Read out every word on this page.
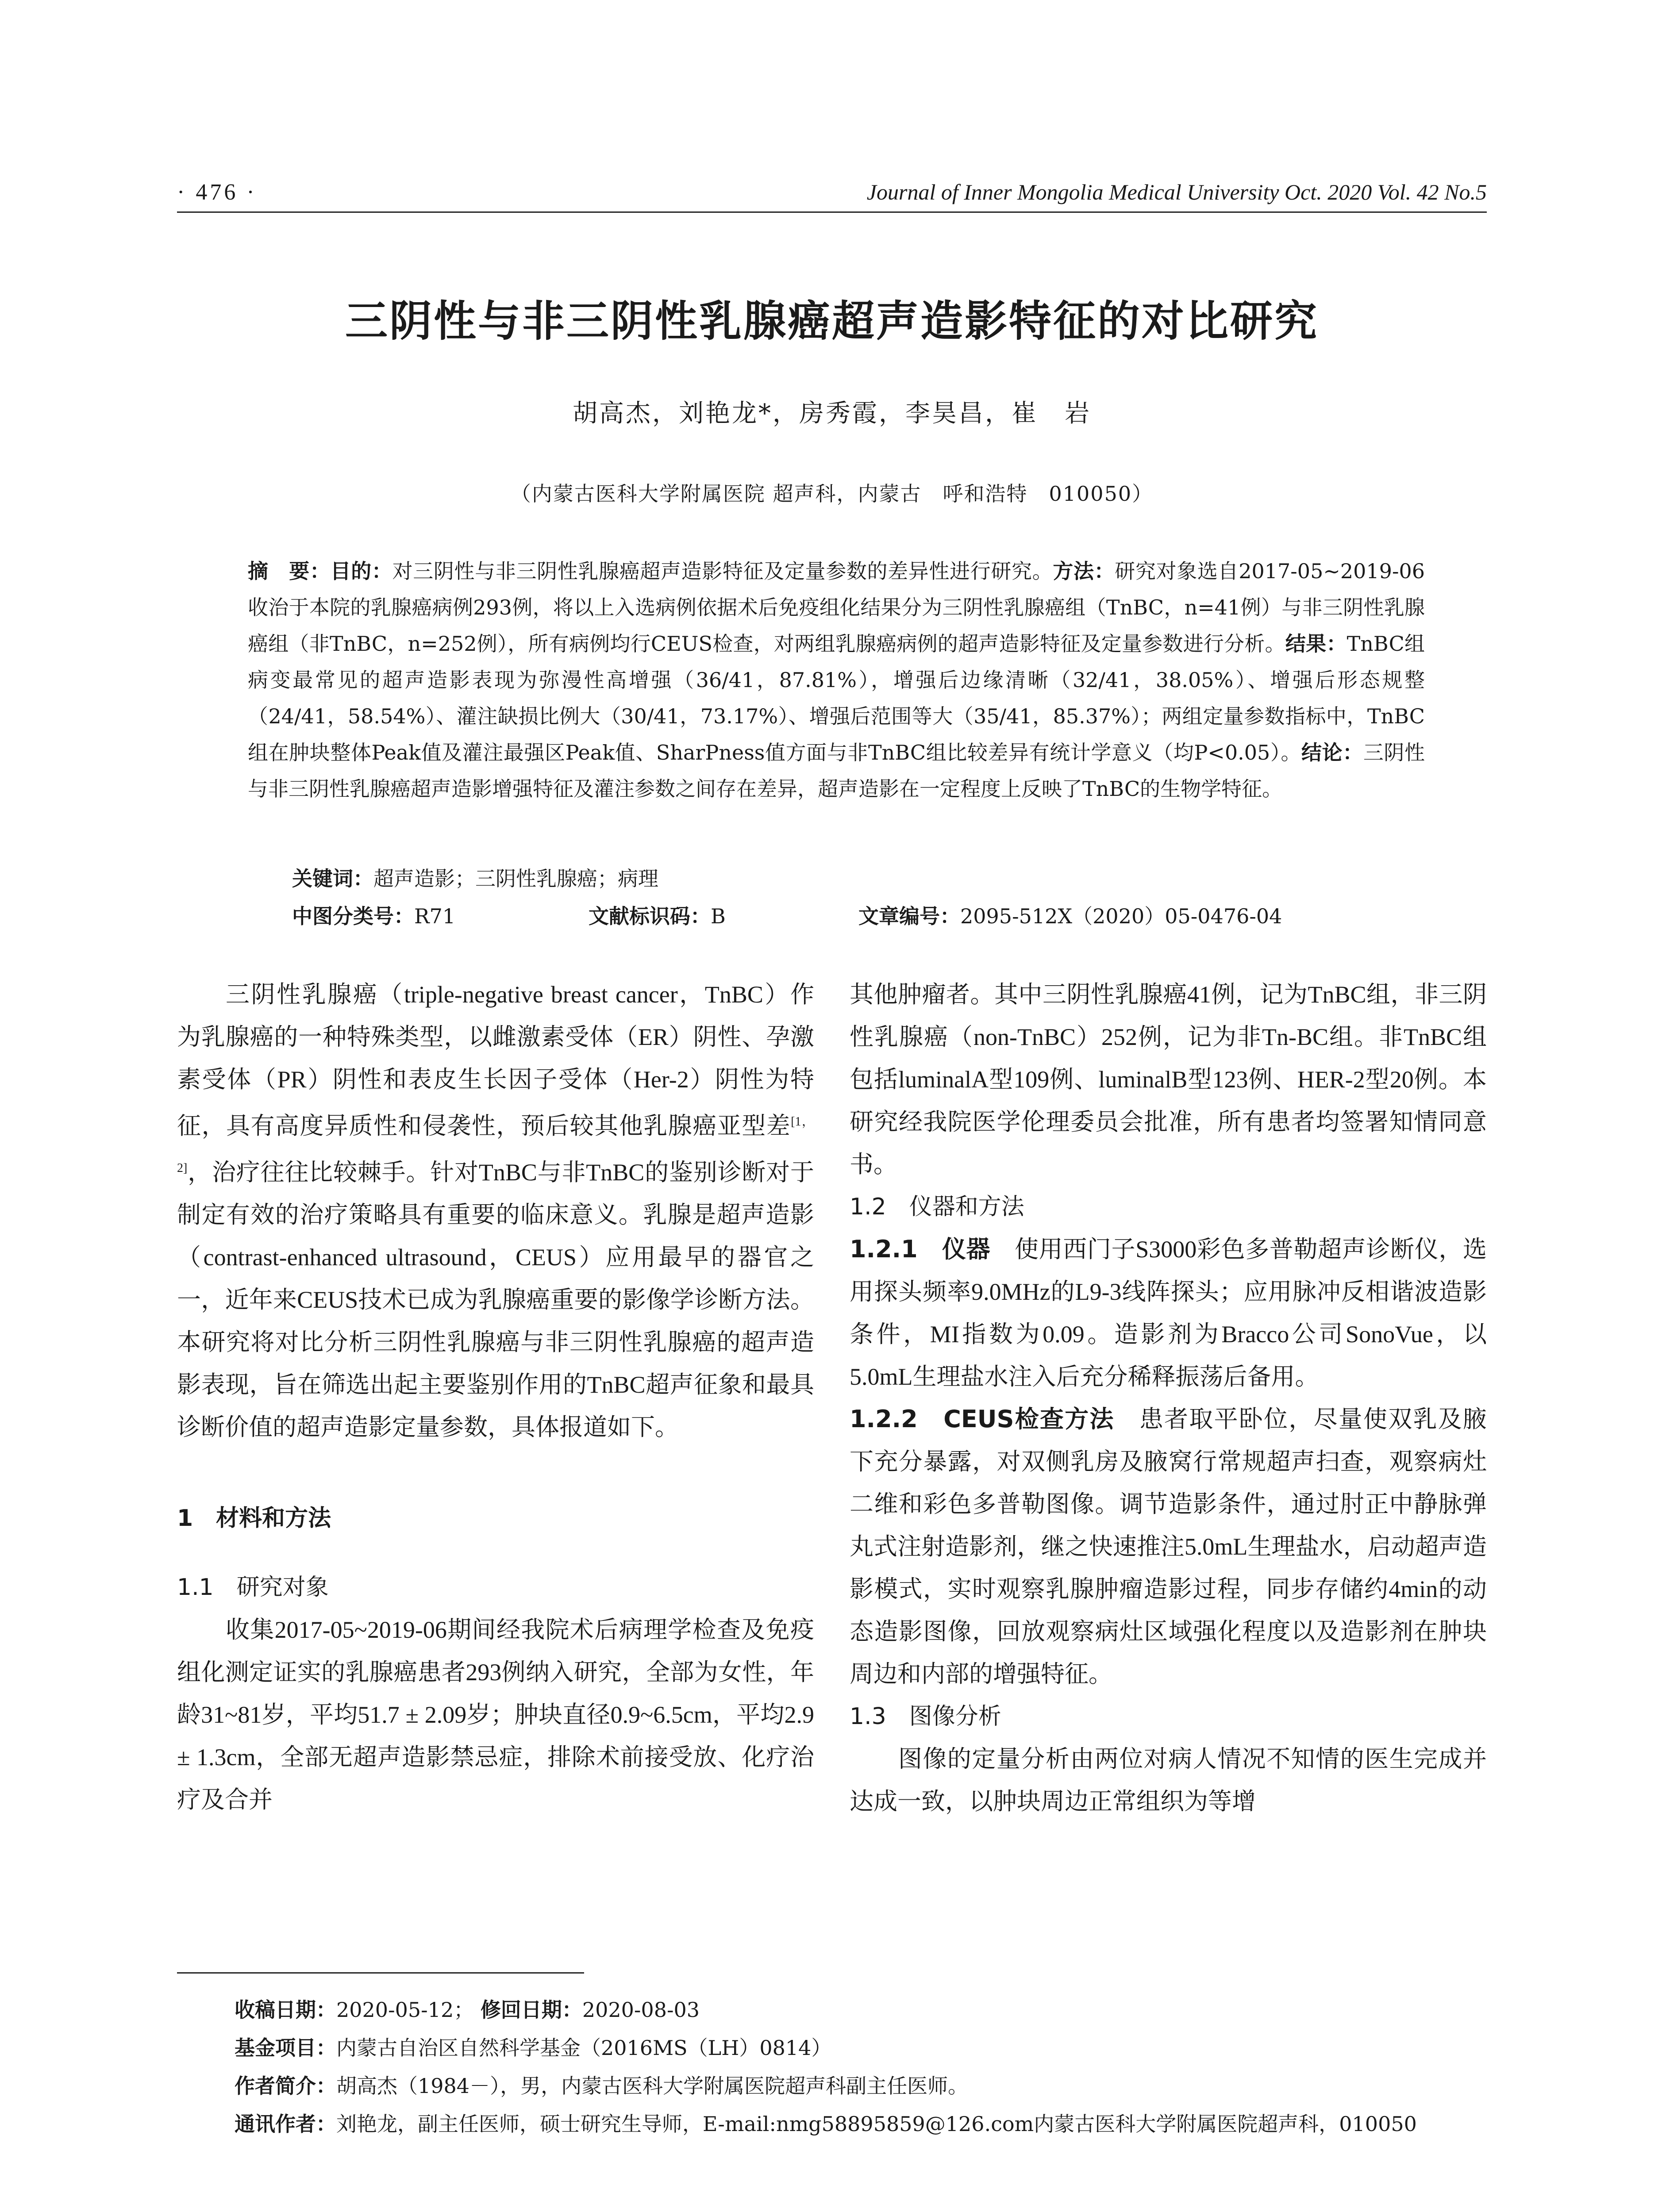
· 476 ·	Journal of Inner Mongolia Medical University Oct. 2020 Vol. 42 No.5
三阴性与非三阴性乳腺癌超声造影特征的对比研究
胡高杰，刘艳龙*，房秀霞，李昊昌，崔　岩
（内蒙古医科大学附属医院 超声科，内蒙古　呼和浩特　010050）
摘　要：目的：对三阴性与非三阴性乳腺癌超声造影特征及定量参数的差异性进行研究。方法：研究对象选自2017-05~2019-06收治于本院的乳腺癌病例293例，将以上入选病例依据术后免疫组化结果分为三阴性乳腺癌组（TnBC，n=41例）与非三阴性乳腺癌组（非TnBC，n=252例），所有病例均行CEUS检查，对两组乳腺癌病例的超声造影特征及定量参数进行分析。结果：TnBC组病变最常见的超声造影表现为弥漫性高增强（36/41，87.81%），增强后边缘清晰（32/41，38.05%）、增强后形态规整（24/41，58.54%）、灌注缺损比例大（30/41，73.17%）、增强后范围等大（35/41，85.37%）；两组定量参数指标中，TnBC组在肿块整体Peak值及灌注最强区Peak值、SharPness值方面与非TnBC组比较差异有统计学意义（均P<0.05）。结论：三阴性与非三阴性乳腺癌超声造影增强特征及灌注参数之间存在差异，超声造影在一定程度上反映了TnBC的生物学特征。
关键词：超声造影；三阴性乳腺癌；病理
中图分类号：R71	文献标识码：B	文章编号：2095-512X（2020）05-0476-04

三阴性乳腺癌（triple-negative breast cancer，TnBC）作为乳腺癌的一种特殊类型，以雌激素受体（ER）阴性、孕激素受体（PR）阴性和表皮生长因子受体（Her-2）阴性为特征，具有高度异质性和侵袭性，预后较其他乳腺癌亚型差[1，2]，治疗往往比较棘手。针对TnBC与非TnBC的鉴别诊断对于制定有效的治疗策略具有重要的临床意义。乳腺是超声造影（contrast-enhanced ultrasound，CEUS）应用最早的器官之一，近年来CEUS技术已成为乳腺癌重要的影像学诊断方法。本研究将对比分析三阴性乳腺癌与非三阴性乳腺癌的超声造影表现，旨在筛选出起主要鉴别作用的TnBC超声征象和最具诊断价值的超声造影定量参数，具体报道如下。

1　材料和方法

1.1　研究对象

收集2017-05~2019-06期间经我院术后病理学检查及免疫组化测定证实的乳腺癌患者293例纳入研究，全部为女性，年龄31~81岁，平均51.7 ± 2.09岁；肿块直径0.9~6.5cm，平均2.9 ± 1.3cm，全部无超声造影禁忌症，排除术前接受放、化疗治疗及合并

其他肿瘤者。其中三阴性乳腺癌41例，记为TnBC组，非三阴性乳腺癌（non-TnBC）252例，记为非Tn-BC组。非TnBC组包括luminalA型109例、luminalB型123例、HER-2型20例。本研究经我院医学伦理委员会批准，所有患者均签署知情同意书。

1.2　仪器和方法

1.2.1　仪器　 使用西门子S3000彩色多普勒超声诊断仪，选用探头频率9.0MHz的L9-3线阵探头；应用脉冲反相谐波造影条件，MI指数为0.09。造影剂为Bracco公司SonoVue，以5.0mL生理盐水注入后充分稀释振荡后备用。

1.2.2　CEUS检查方法　 患者取平卧位，尽量使双乳及腋下充分暴露，对双侧乳房及腋窝行常规超声扫查，观察病灶二维和彩色多普勒图像。调节造影条件，通过肘正中静脉弹丸式注射造影剂，继之快速推注5.0mL生理盐水，启动超声造影模式，实时观察乳腺肿瘤造影过程，同步存储约4min的动态造影图像，回放观察病灶区域强化程度以及造影剂在肿块周边和内部的增强特征。

1.3　图像分析

图像的定量分析由两位对病人情况不知情的医生完成并达成一致，以肿块周边正常组织为等增

收稿日期：2020-05-12； 修回日期：2020-08-03
基金项目：内蒙古自治区自然科学基金（2016MS（LH）0814）
作者简介：胡高杰（1984－），男，内蒙古医科大学附属医院超声科副主任医师。
通讯作者：刘艳龙，副主任医师，硕士研究生导师，E-mail:nmg58895859@126.com内蒙古医科大学附属医院超声科，010050
